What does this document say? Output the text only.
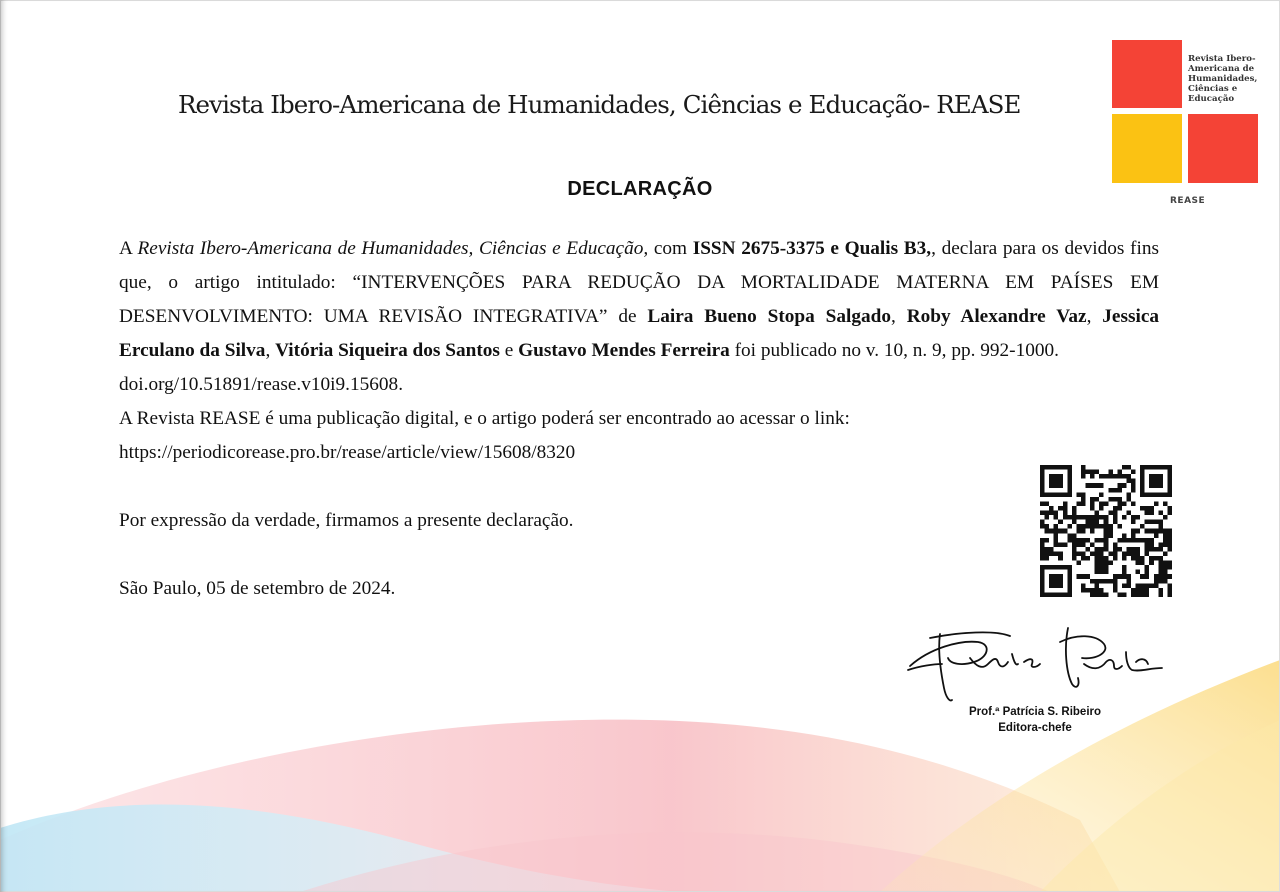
Revista Ibero-Americana de Humanidades, Ciências e Educação- REASE
Revista Ibero-Americana de Humanidades, Ciências e Educação
REASE
DECLARAÇÃO

A Revista Ibero-Americana de Humanidades, Ciências e Educação, com ISSN 2675-3375 e Qualis B3,, declara para os devidos fins que, o artigo intitulado: “INTERVENÇÕES PARA REDUÇÃO DA MORTALIDADE MATERNA EM PAÍSES EM DESENVOLVIMENTO: UMA REVISÃO INTEGRATIVA” de Laira Bueno Stopa Salgado, Roby Alexandre Vaz, Jessica Erculano da Silva, Vitória Siqueira dos Santos e Gustavo Mendes Ferreira foi publicado no v. 10, n. 9, pp. 992-1000.

doi.org/10.51891/rease.v10i9.15608.

A Revista REASE é uma publicação digital, e o artigo poderá ser encontrado ao acessar o link:

https://periodicorease.pro.br/rease/article/view/15608/8320

Por expressão da verdade, firmamos a presente declaração.

São Paulo, 05 de setembro de 2024.

Prof.ª Patrícia S. Ribeiro
Editora-chefe
